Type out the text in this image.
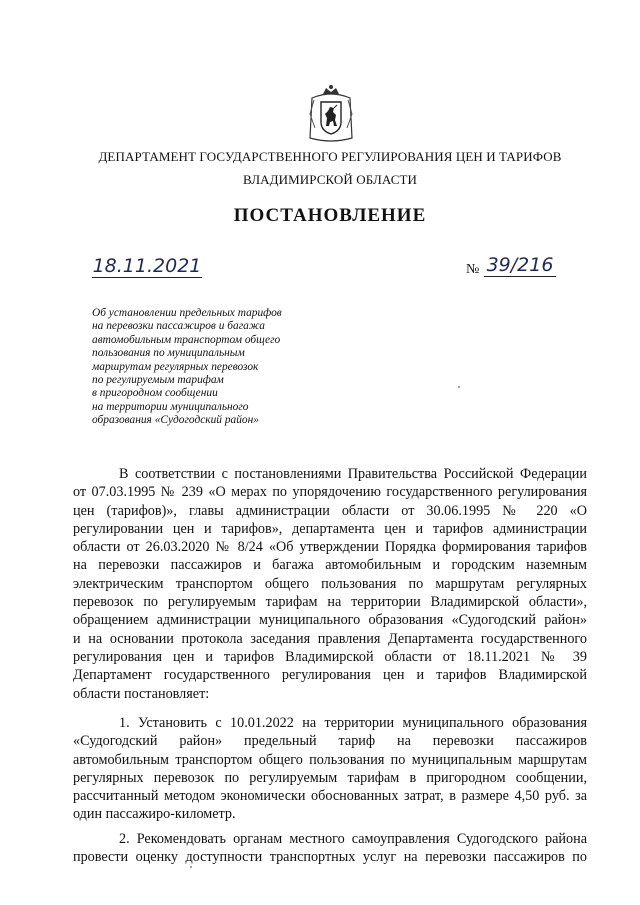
ДЕПАРТАМЕНТ ГОСУДАРСТВЕННОГО РЕГУЛИРОВАНИЯ ЦЕН И ТАРИФОВ
ВЛАДИМИРСКОЙ ОБЛАСТИ
ПОСТАНОВЛЕНИЕ
18.11.2021	№ 39/216
Об установлении предельных тарифов
на перевозки пассажиров и багажа
автомобильным транспортом общего
пользования по муниципальным
маршрутам регулярных перевозок
по регулируемым тарифам
в пригородном сообщении
на территории муниципального
образования «Судогодский район»
В соответствии с постановлениями Правительства Российской Федерации
от 07.03.1995 № 239 «О мерах по упорядочению государственного регулирования
цен (тарифов)», главы администрации области от 30.06.1995 № 220 «О
регулировании цен и тарифов», департамента цен и тарифов администрации
области от 26.03.2020 № 8/24 «Об утверждении Порядка формирования тарифов
на перевозки пассажиров и багажа автомобильным и городским наземным
электрическим транспортом общего пользования по маршрутам регулярных
перевозок по регулируемым тарифам на территории Владимирской области»,
обращением администрации муниципального образования «Судогодский район»
и на основании протокола заседания правления Департамента государственного
регулирования цен и тарифов Владимирской области от 18.11.2021 № 39
Департамент государственного регулирования цен и тарифов Владимирской
области постановляет:
1. Установить с 10.01.2022 на территории муниципального образования
«Судогодский район» предельный тариф на перевозки пассажиров
автомобильным транспортом общего пользования по муниципальным маршрутам
регулярных перевозок по регулируемым тарифам в пригородном сообщении,
рассчитанный методом экономически обоснованных затрат, в размере 4,50 руб. за
один пассажиро-километр.
2. Рекомендовать органам местного самоуправления Судогодского района
провести оценку доступности транспортных услуг на перевозки пассажиров по
